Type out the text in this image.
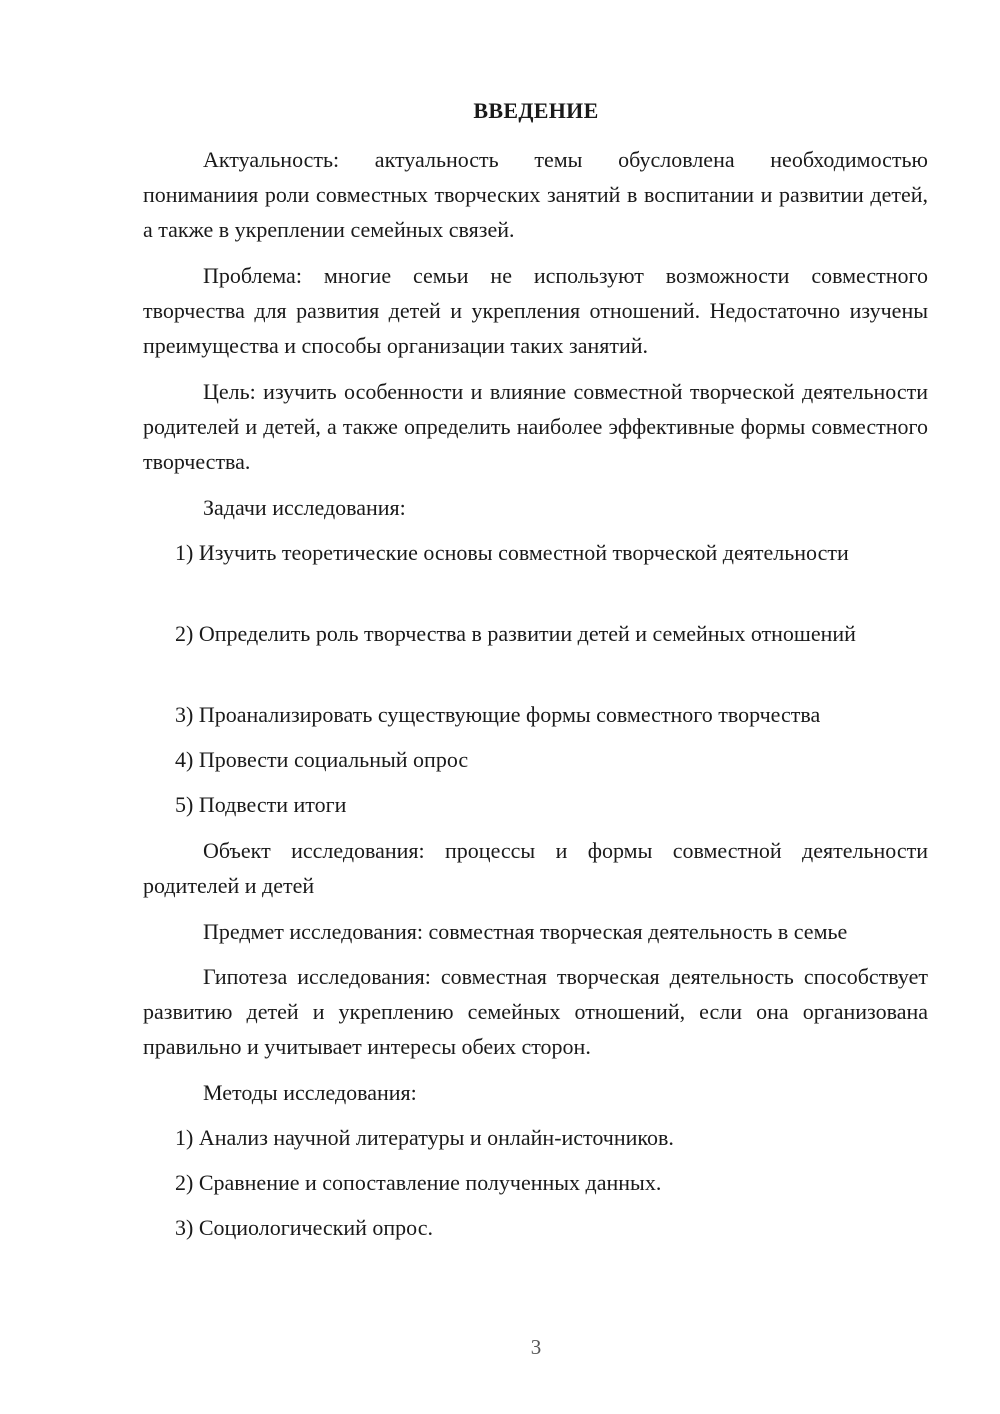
ВВЕДЕНИЕ

Актуальность: актуальность темы обусловлена необходимостью пониманиия роли совместных творческих занятий в воспитании и развитии детей, а также в укреплении семейных связей.

Проблема: многие семьи не используют возможности совместного творчества для развития детей и укрепления отношений. Недостаточно изучены преимущества и способы организации таких занятий.

Цель: изучить особенности и влияние совместной творческой деятельности родителей и детей, а также определить наиболее эффективные формы совместного творчества.

Задачи исследования:

1) Изучить теоретические основы совместной творческой деятельности

2) Определить роль творчества в развитии детей и семейных отношений

3) Проанализировать существующие формы совместного творчества

4) Провести социальный опрос

5) Подвести итоги

Объект исследования: процессы и формы совместной деятельности родителей и детей

Предмет исследования: совместная творческая деятельность в семье

Гипотеза исследования: совместная творческая деятельность способствует развитию детей и укреплению семейных отношений, если она организована правильно и учитывает интересы обеих сторон.

Методы исследования:

1) Анализ научной литературы и онлайн-источников.

2) Сравнение и сопоставление полученных данных.

3) Социологический опрос.

3
